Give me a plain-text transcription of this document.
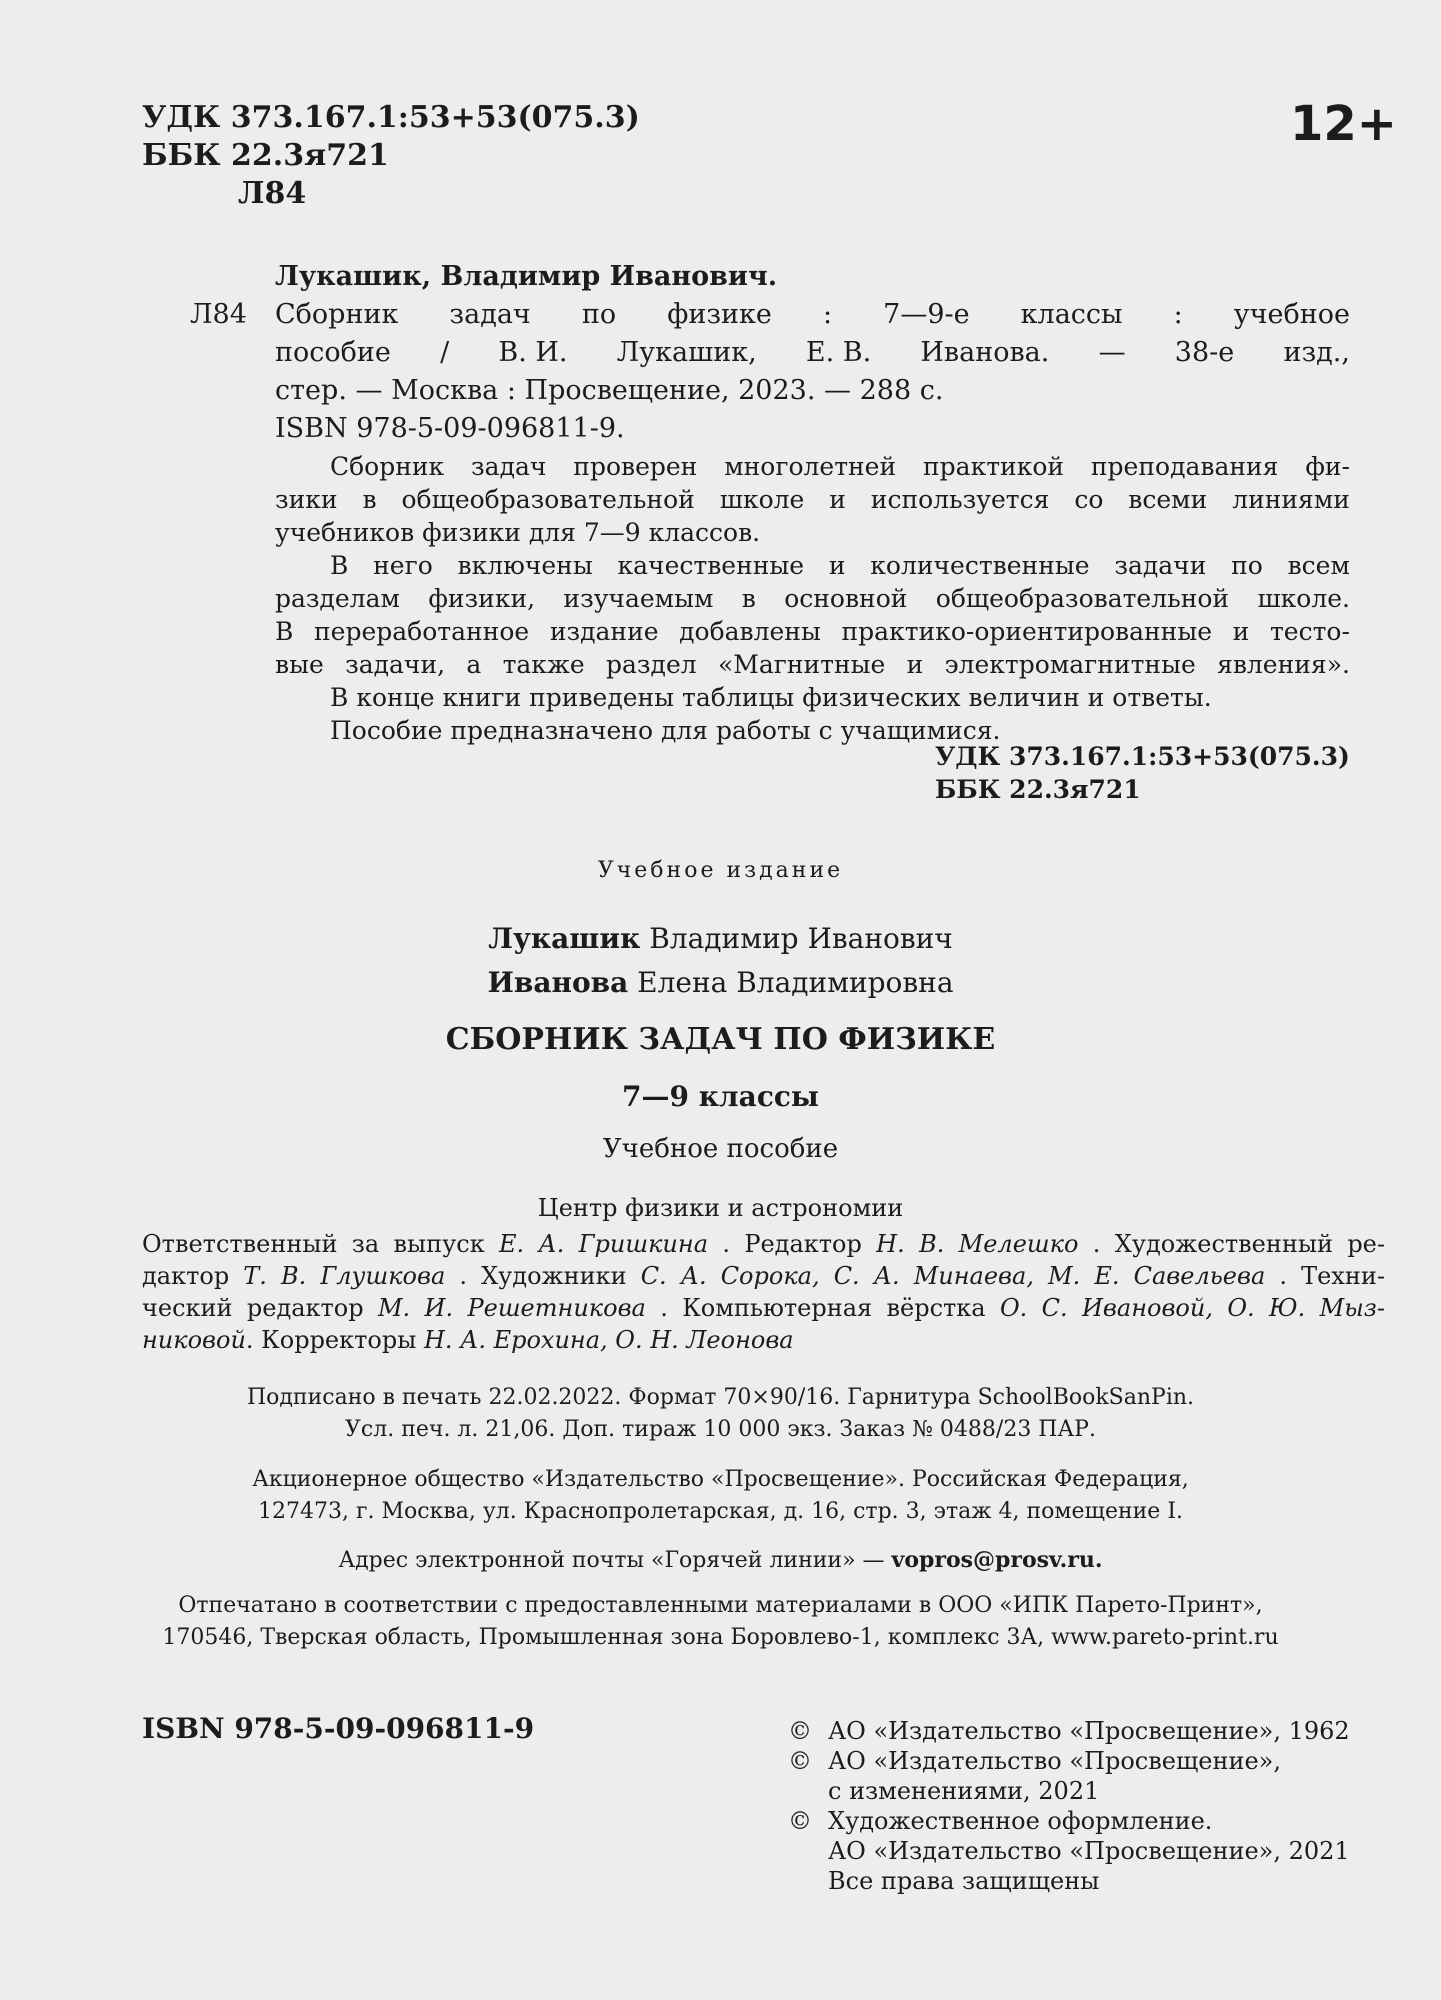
УДК 373.167.1:53+53(075.3)
ББК 22.3я721
Л84
12+
Лукашик, Владимир Иванович.
Л84 Сборник задач по физике : 7—9-е классы : учебное
пособие / В. И. Лукашик, Е. В. Иванова. — 38-е изд.,
стер. — Москва : Просвещение, 2023. — 288 с.
ISBN 978-5-09-096811-9.
Сборник задач проверен многолетней практикой преподавания фи-
зики в общеобразовательной школе и используется со всеми линиями
учебников физики для 7—9 классов.
В него включены качественные и количественные задачи по всем
разделам физики, изучаемым в основной общеобразовательной школе.
В переработанное издание добавлены практико-ориентированные и тесто-
вые задачи, а также раздел «Магнитные и электромагнитные явления».
В конце книги приведены таблицы физических величин и ответы.
Пособие предназначено для работы с учащимися.
УДК 373.167.1:53+53(075.3)
ББК 22.3я721
Учебное издание
Лукашик Владимир Иванович
Иванова Елена Владимировна
СБОРНИК ЗАДАЧ ПО ФИЗИКЕ
7—9 классы
Учебное пособие
Центр физики и астрономии
Ответственный за выпуск Е. А. Гришкина . Редактор Н. В. Мелешко . Художественный ре-
дактор Т. В. Глушкова . Художники С. А. Сорока, С. А. Минаева, М. Е. Савельева . Техни-
ческий редактор М. И. Решетникова . Компьютерная вёрстка О. С. Ивановой, О. Ю. Мыз-
никовой. Корректоры Н. А. Ерохина, О. Н. Леонова
Подписано в печать 22.02.2022. Формат 70×90/16. Гарнитура SchoolBookSanPin.
Усл. печ. л. 21,06. Доп. тираж 10 000 экз. Заказ № 0488/23 ПАР.
Акционерное общество «Издательство «Просвещение». Российская Федерация,
127473, г. Москва, ул. Краснопролетарская, д. 16, стр. 3, этаж 4, помещение I.
Адрес электронной почты «Горячей линии» — vopros@prosv.ru.
Отпечатано в соответствии с предоставленными материалами в ООО «ИПК Парето-Принт»,
170546, Тверская область, Промышленная зона Боровлево-1, комплекс 3А, www.pareto-print.ru
ISBN 978-5-09-096811-9	© АО «Издательство «Просвещение», 1962
© АО «Издательство «Просвещение»,
с изменениями, 2021
© Художественное оформление.
АО «Издательство «Просвещение», 2021
Все права защищены
